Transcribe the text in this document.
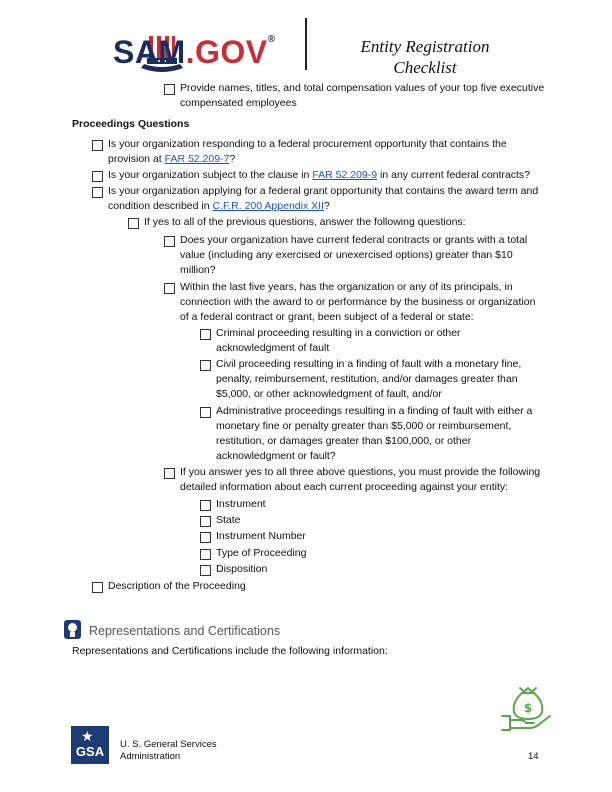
SAM.GOV®	Entity Registration
Checklist
Provide names, titles, and total compensation values of your top five executive
compensated employees
Proceedings Questions
Is your organization responding to a federal procurement opportunity that contains the
provision at FAR 52.209-7?
Is your organization subject to the clause in FAR 52.209-9 in any current federal contracts?
Is your organization applying for a federal grant opportunity that contains the award term and
condition described in C.F.R. 200 Appendix XII?
If yes to all of the previous questions, answer the following questions:
Does your organization have current federal contracts or grants with a total
value (including any exercised or unexercised options) greater than $10
million?
Within the last five years, has the organization or any of its principals, in
connection with the award to or performance by the business or organization
of a federal contract or grant, been subject of a federal or state:
Criminal proceeding resulting in a conviction or other
acknowledgment of fault
Civil proceeding resulting in a finding of fault with a monetary fine,
penalty, reimbursement, restitution, and/or damages greater than
$5,000, or other acknowledgment of fault, and/or
Administrative proceedings resulting in a finding of fault with either a
monetary fine or penalty greater than $5,000 or reimbursement,
restitution, or damages greater than $100,000, or other
acknowledgment or fault?
If you answer yes to all three above questions, you must provide the following
detailed information about each current proceeding against your entity:
Instrument
State
Instrument Number
Type of Proceeding
Disposition
Description of the Proceeding
Representations and Certifications
Representations and Certifications include the following information:
$
★
GSA	U. S. General Services
Administration	14
